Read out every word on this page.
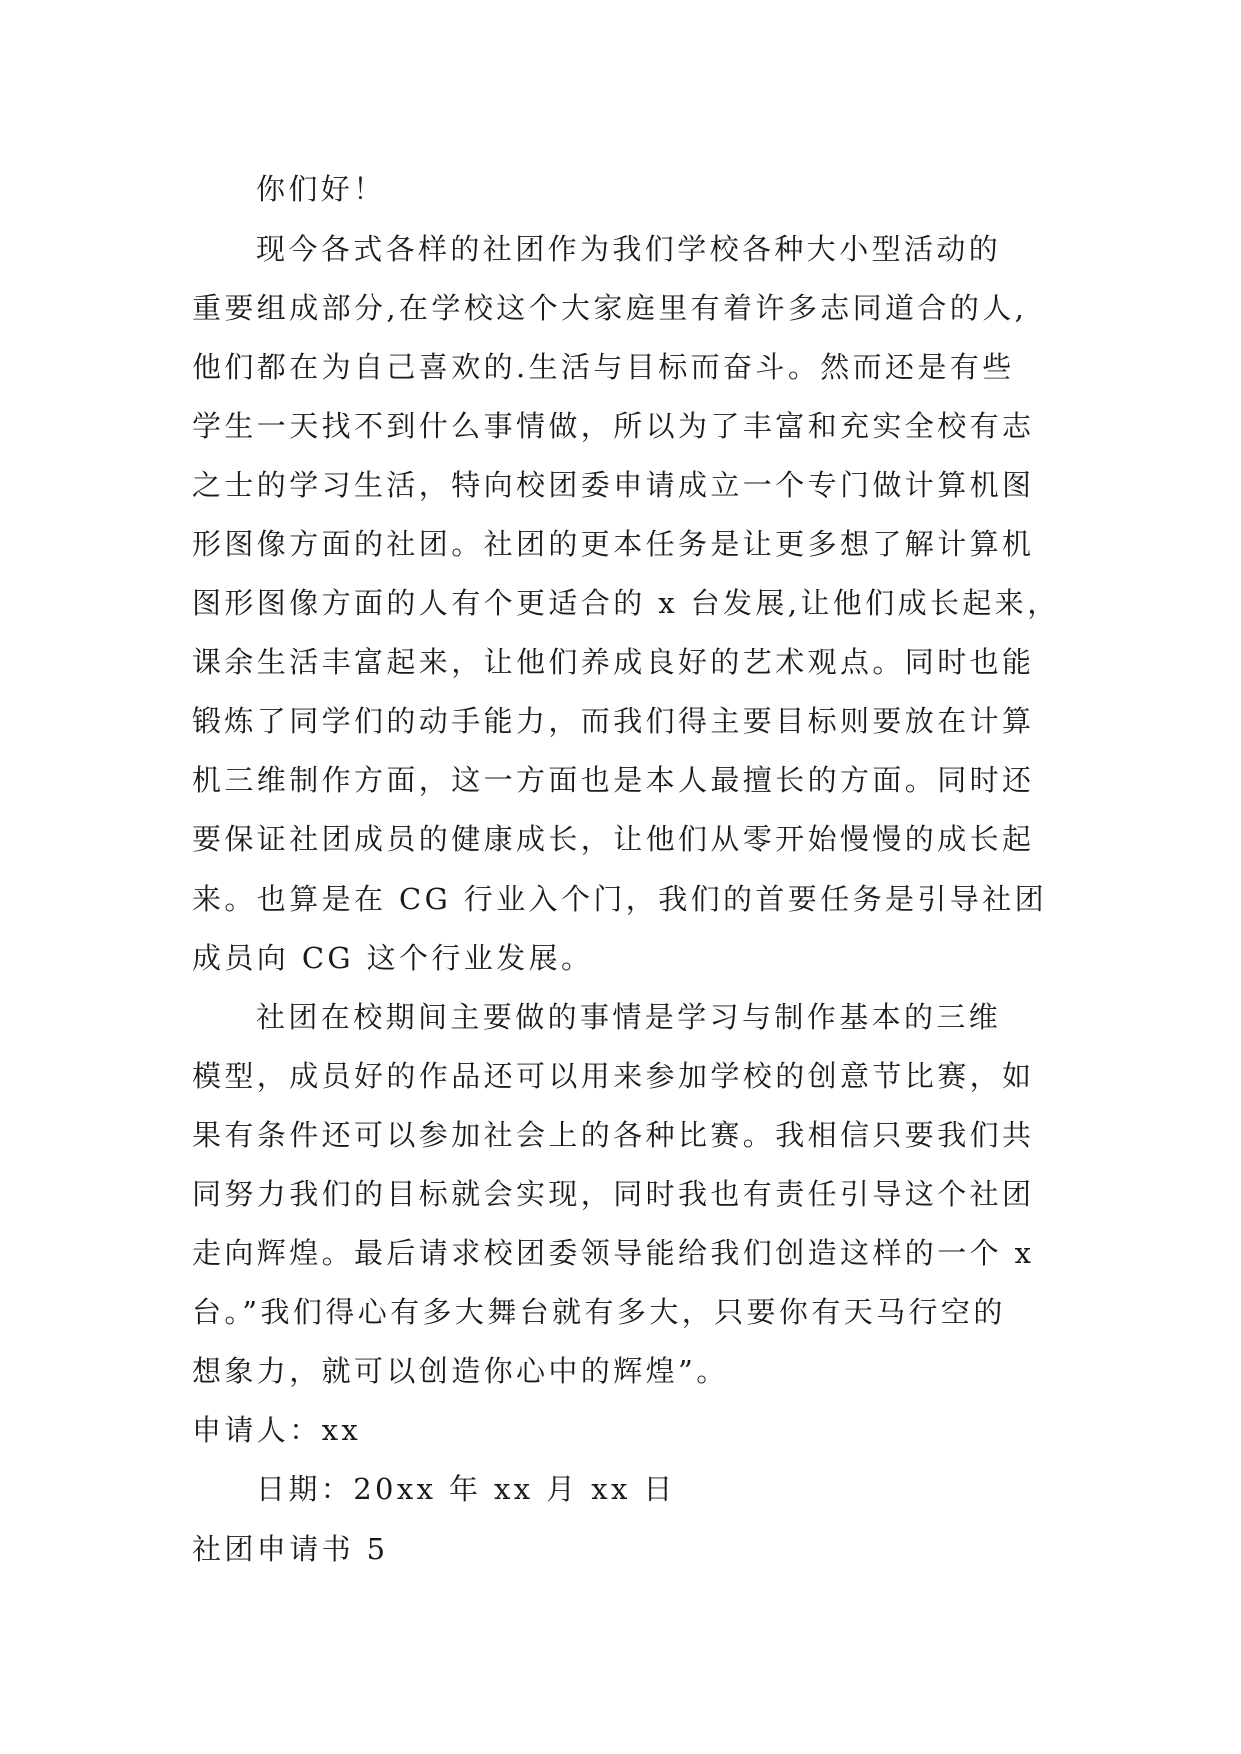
你们好！

现今各式各样的社团作为我们学校各种大小型活动的

重要组成部分,在学校这个大家庭里有着许多志同道合的人,

他们都在为自己喜欢的.生活与目标而奋斗。然而还是有些

学生一天找不到什么事情做，所以为了丰富和充实全校有志

之士的学习生活，特向校团委申请成立一个专门做计算机图

形图像方面的社团。社团的更本任务是让更多想了解计算机

图形图像方面的人有个更适合的 x 台发展,让他们成长起来，

课余生活丰富起来，让他们养成良好的艺术观点。同时也能

锻炼了同学们的动手能力，而我们得主要目标则要放在计算

机三维制作方面，这一方面也是本人最擅长的方面。同时还

要保证社团成员的健康成长，让他们从零开始慢慢的成长起

来。也算是在 CG 行业入个门，我们的首要任务是引导社团

成员向 CG 这个行业发展。

社团在校期间主要做的事情是学习与制作基本的三维

模型，成员好的作品还可以用来参加学校的创意节比赛，如

果有条件还可以参加社会上的各种比赛。我相信只要我们共

同努力我们的目标就会实现，同时我也有责任引导这个社团

走向辉煌。最后请求校团委领导能给我们创造这样的一个 x

台。”我们得心有多大舞台就有多大，只要你有天马行空的

想象力，就可以创造你心中的辉煌”。

申请人：xx

日期：20xx 年 xx 月 xx 日

社团申请书 5
